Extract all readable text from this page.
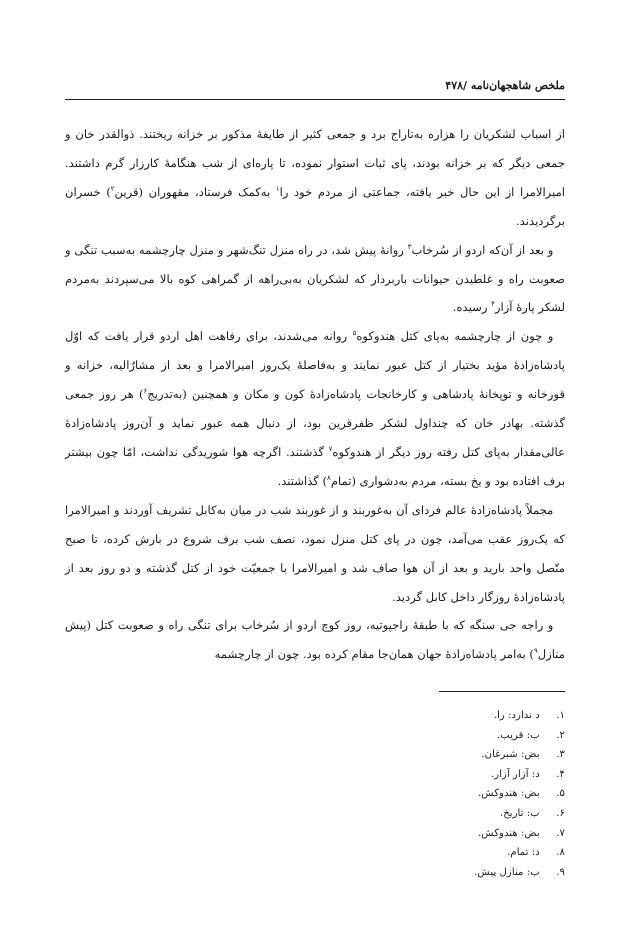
ملخص شاهجهان‌نامه /۴۷۸

از اسباب لشکریان را هزاره به‌تاراج برد و جمعی کثیر از طایفهٔ مذکور بر خزانه ریختند. ذوالقدر خان و جمعی دیگر که بر خزانه بودند، پای ثبات استوار نموده، تا پاره‌ای از شب هنگامهٔ کارزار گرم داشتند. امیرالامرا از این حال خبر یافته، جماعتی از مردم خود را$^۱$ به‌کمک فرستاد، مقهوران (قرین$^۲$) خسران برگردیدند.

و بعد از آن‌که اردو از سُرخاب$^۳$ روانهٔ پیش شد، در راه منزل تنگ‌شهر و منزل چارچشمه به‌سبب تنگی و صعوبت راه و غلطیدن حیوانات باربردار که لشکریان به‌بی‌راهه از گمراهی کوه بالا می‌سپردند به‌مردم لشکر پارهٔ آزار$^۴$ رسیده.

و چون از چارچشمه به‌پای کتل هندوکوه$^۵$ روانه می‌شدند، برای رفاهت اهل اردو قرار یافت که اوّل پادشاه‌زادهٔ مؤید بختیار از کتل عبور نمایند و به‌فاصلهٔ یک‌روز امیرالامرا و بعد از مشارٌالیه، خزانه و قورخانه و توپخانهٔ پادشاهی و کارخانجات پادشاه‌زادهٔ کون و مکان و همچنین (به‌تدریج$^۶$) هر روز جمعی گذشته. بهادر خان که چنداول لشکر ظفرقرین بود، از دنبال همه عبور نماید و آن‌روز پادشاه‌زادهٔ عالی‌مقدار به‌پای کتل رفته روز دیگر از هندوکوه$^۷$ گذشتند. اگرچه هوا شوریدگی نداشت، امّا چون بیشتر برف افتاده بود و یخ بسته، مردم به‌دشواری (تمام$^۸$) گذاشتند.

مجملاً پادشاه‌زادهٔ عالم فردای آن به‌غوربند و از غوربند شب در میان به‌کابل تشریف آوردند و امیرالامرا که یک‌روز عقب می‌آمد، چون در پای کتل منزل نمود، نصف شب برف شروع در بارش کرده، تا صبح متّصل واحد بارید و بعد از آن هوا صاف شد و امیرالامرا با جمعیّت خود از کتل گذشته و دو روز بعد از پادشاه‌زادهٔ روزگار داخل کابل گردید.

و راجه جی سنگه که با طبقهٔ راجپوتیه، روز کوچ اردو از سُرخاب برای تنگی راه و صعوبت کتل (پیش منازل$^۹$) به‌امر پادشاه‌زادهٔ جهان همان‌جا مقام کرده بود. چون از چارچشمه

۱. د ندارد: را.
۲. ب: قریب.
۳. بض: شبرغان.
۴. د: آزار آزار.
۵. بض: هندوکش.
۶. ب: تاریخ.
۷. بض: هندوکش.
۸. د: تمام.
۹. ب: منازل پیش.
